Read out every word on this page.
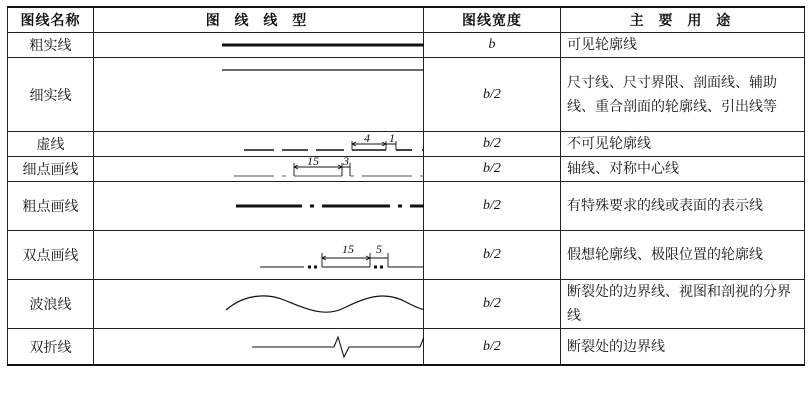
图线名称	图 线 线 型	图线宽度	主 要 用 途
粗实线		b	可见轮廓线
细实线		b/2	尺寸线、尺寸界限、剖面线、辅助线、重合剖面的轮廓线、引出线等
虚线	4 1	b/2	不可见轮廓线
细点画线	15 3	b/2	轴线、对称中心线
粗点画线		b/2	有特殊要求的线或表面的表示线
双点画线	15 5	b/2	假想轮廓线、极限位置的轮廓线
波浪线		b/2	断裂处的边界线、视图和剖视的分界线
双折线		b/2	断裂处的边界线
